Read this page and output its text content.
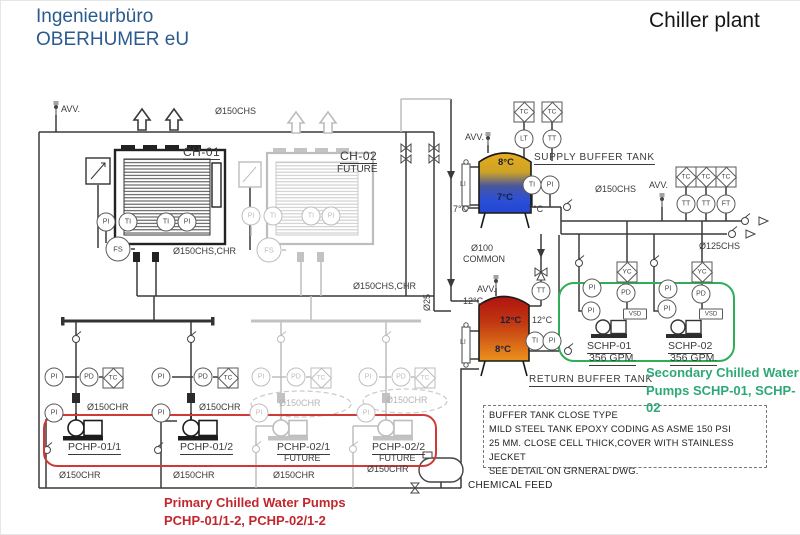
Ingenieurbüro
OBERHUMER eU
Chiller plant
BUFFER TANK CLOSE TYPE
MILD STEEL TANK EPOXY CODING AS ASME 150 PSI
25 MM. CLOSE CELL THICK,COVER WITH STAINLESS JECKET
SEE DETAIL ON GRNERAL DWG.
CHEMICAL FEED
Primary Chilled Water Pumps
PCHP-01/1-2, PCHP-02/1-2
Secondary Chilled Water
Pumps SCHP-01, SCHP-02
AVV.	Ø150CHS
CH-01	CH-02
FUTURE
Ø150CHS,CHR
Ø150CHS,CHR
Ø25
AVV.
SUPPLY BUFFER TANK
8°C
7°C
7°C	7°C
Ø150CHS
Ø100
COMMON
AVV.
Ø125CHS
AVV.
12°C
12°C 12°C
8°C
RETURN BUFFER TANK
SCHP-01
356 GPM.
SCHP-02
356 GPM.
Ø150CHR	Ø150CHR	Ø150CHR	Ø150CHR
PCHP-01/1	PCHP-01/2	PCHP-02/1
FUTURE
PCHP-02/2
FUTURE
Ø150CHR	Ø150CHR	Ø150CHR
Ø150CHR
LI
LI
PI	TI	TI	PI
FS
PI	TI	TI	PI
FS
PI	PD	TC	PI	PD	TC	PI	PD	TC	PI	PD	TC
PI	PI	PI	PI
TC	TC
LT	TT
TI	PI
TC	TC	TC
TT	TT	FT
TT
TI	PI
YC	YC
PI
PI
PD
VSD
PI
PI
PD
VSD
